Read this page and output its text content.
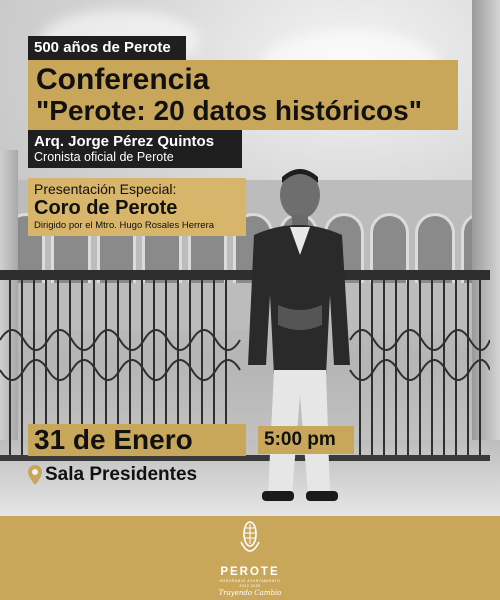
500 años de Perote
Conferencia
"Perote: 20 datos históricos"
Arq. Jorge Pérez Quintos
Cronista oficial de Perote
Presentación Especial:
Coro de Perote
Dirigido por el Mtro. Hugo Rosales Herrera
31 de Enero	5:00 pm
Sala Presidentes
PEROTE
HONORABLE AYUNTAMIENTO 2022-2025
Trayendo Cambio
